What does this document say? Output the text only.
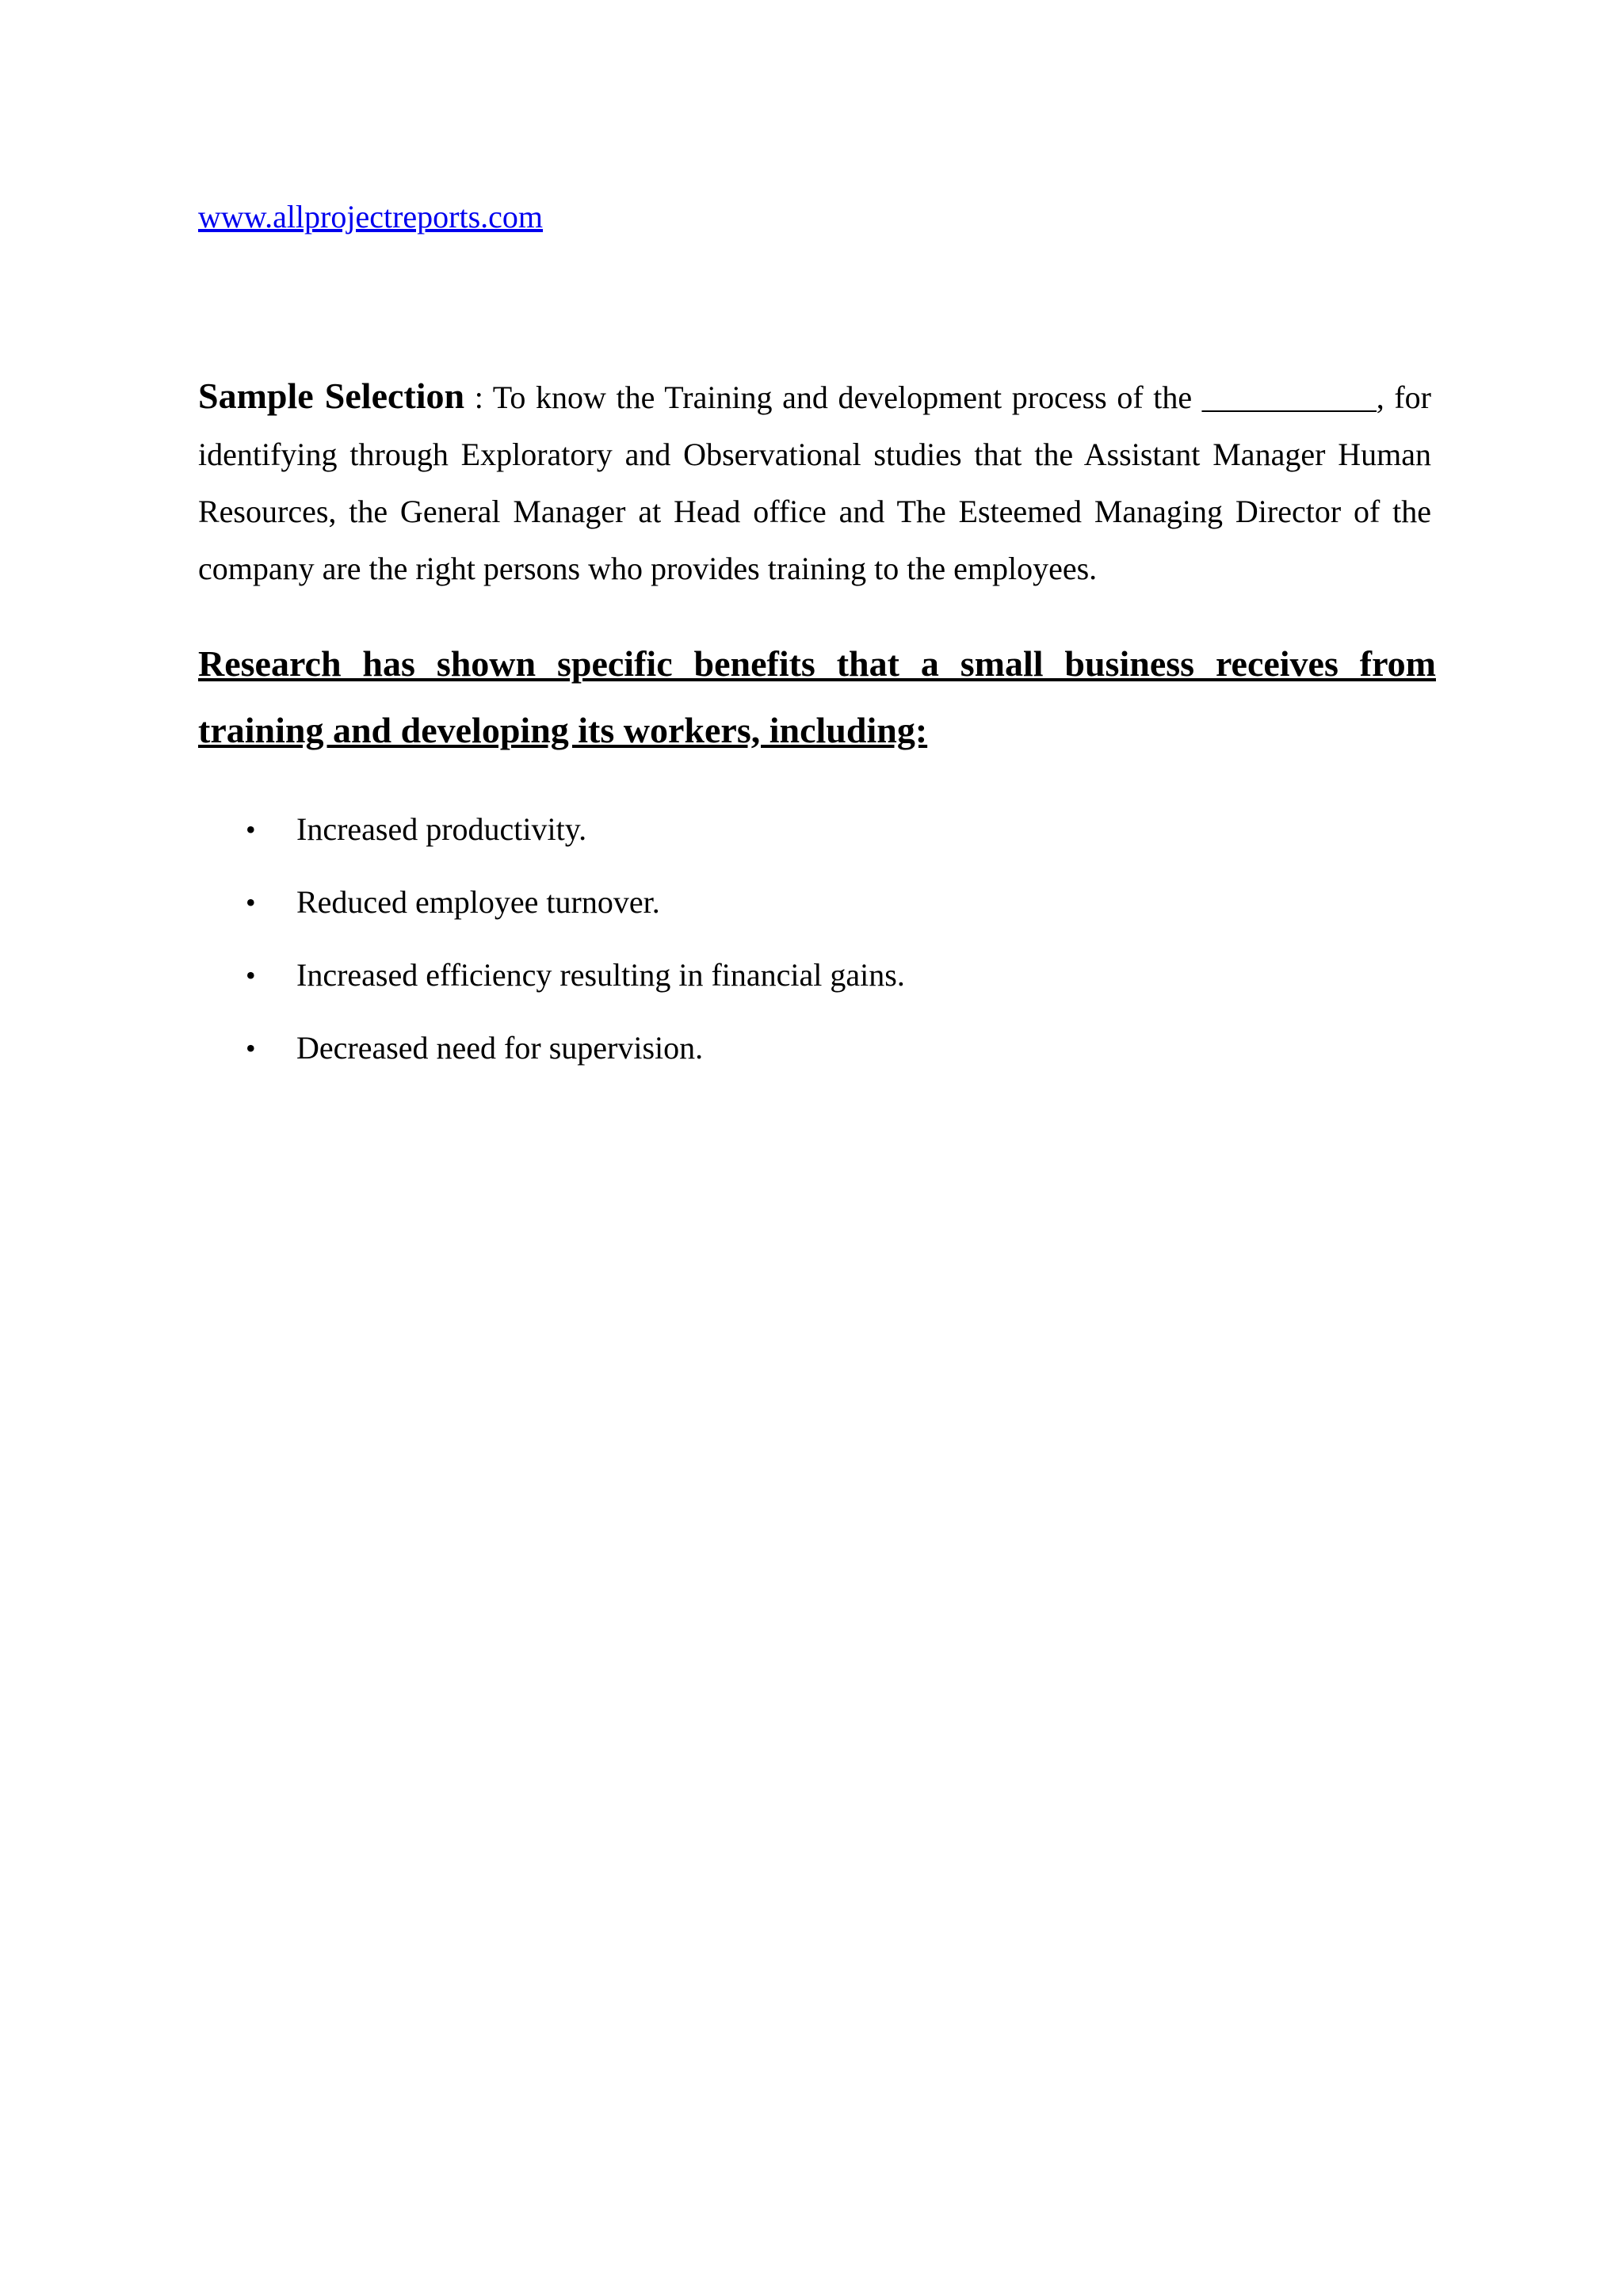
www.allprojectreports.com

Sample Selection : To know the Training and development process of the ___________, for identifying through Exploratory and Observational studies that the Assistant Manager Human Resources, the General Manager at Head office and The Esteemed Managing Director of the company are the right persons who provides training to the employees.

Research has shown specific benefits that a small business receives from training and developing its workers, including:
• Increased productivity.
• Reduced employee turnover.
• Increased efficiency resulting in financial gains.
• Decreased need for supervision.
